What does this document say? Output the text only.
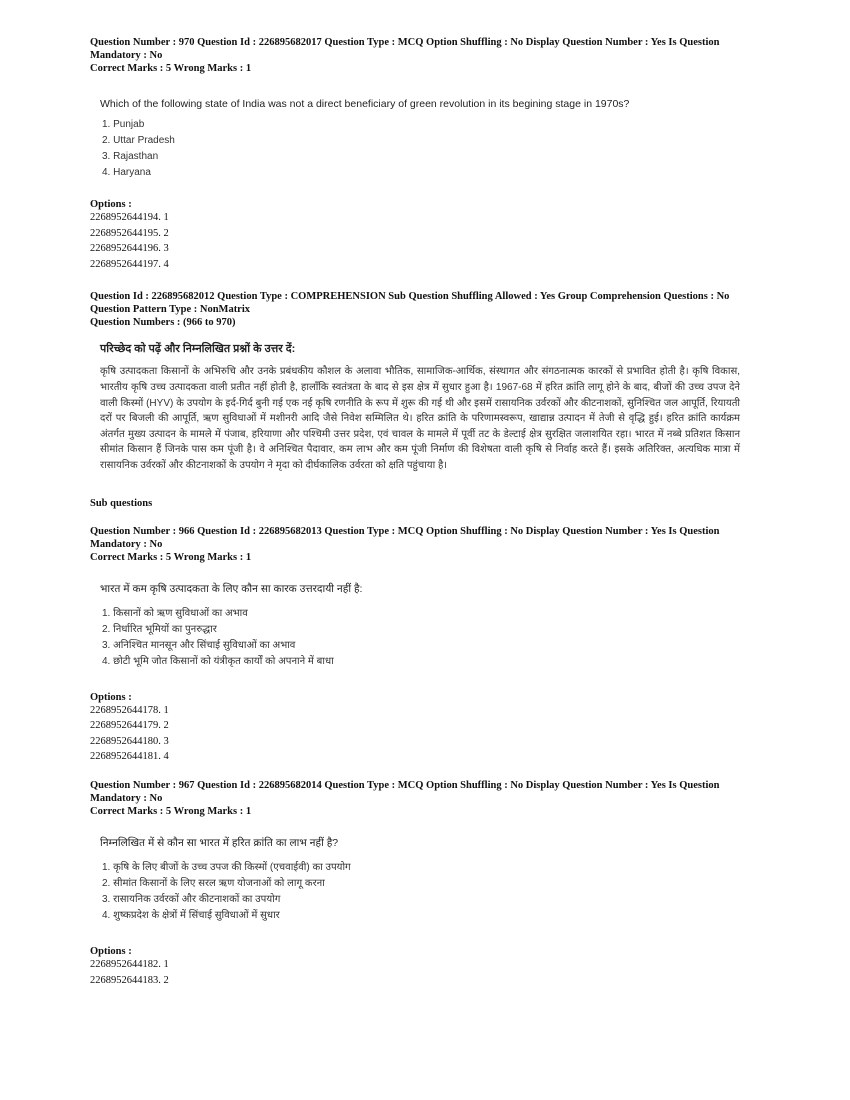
Question Number : 970 Question Id : 226895682017 Question Type : MCQ Option Shuffling : No Display Question Number : Yes Is Question
Mandatory : No
Correct Marks : 5 Wrong Marks : 1
Which of the following state of India was not a direct beneficiary of green revolution in its begining stage in 1970s?
1. Punjab
2. Uttar Pradesh
3. Rajasthan
4. Haryana
Options :
2268952644194. 1
2268952644195. 2
2268952644196. 3
2268952644197. 4
Question Id : 226895682012 Question Type : COMPREHENSION Sub Question Shuffling Allowed : Yes Group Comprehension Questions : No
Question Pattern Type : NonMatrix
Question Numbers : (966 to 970)
परिच्छेद को पढ़ें और निम्नलिखित प्रश्नों के उत्तर दें:
कृषि उत्पादकता किसानों के अभिरुचि और उनके प्रबंधकीय कौशल के अलावा भौतिक, सामाजिक-आर्थिक, संस्थागत और संगठनात्मक कारकों से प्रभावित होती है। कृषि विकास, भारतीय कृषि उच्च उत्पादकता वाली प्रतीत नहीं होती है, हालाँकि स्वतंत्रता के बाद से इस क्षेत्र में सुधार हुआ है। 1967-68 में हरित क्रांति लागू होने के बाद, बीजों की उच्च उपज देने वाली किस्मों (HYV) के उपयोग के इर्द-गिर्द बुनी गई एक नई कृषि रणनीति के रूप में शुरू की गई थी और इसमें रासायनिक उर्वरकों और कीटनाशकों, सुनिश्चित जल आपूर्ति, रियायती दरों पर बिजली की आपूर्ति, ऋण सुविधाओं में मशीनरी आदि जैसे निवेश सम्मिलित थे। हरित क्रांति के परिणामस्वरूप, खाद्यान्न उत्पादन में तेजी से वृद्धि हुई। हरित क्रांति कार्यक्रम अंतर्गत मुख्य उत्पादन के मामले में पंजाब, हरियाणा और पश्चिमी उत्तर प्रदेश, एवं चावल के मामले में पूर्वी तट के डेल्टाई क्षेत्र सुरक्षित जलाशयित रहा। भारत में नब्बे प्रतिशत किसान सीमांत किसान हैं जिनके पास कम पूंजी है। वे अनिश्चित पैदावार, कम लाभ और कम पूंजी निर्माण की विशेषता वाली कृषि से निर्वाह करते हैं। इसके अतिरिक्त, अत्यधिक मात्रा में रासायनिक उर्वरकों और कीटनाशकों के उपयोग ने मृदा को दीर्घकालिक उर्वरता को क्षति पहुंचाया है।
Sub questions
Question Number : 966 Question Id : 226895682013 Question Type : MCQ Option Shuffling : No Display Question Number : Yes Is Question
Mandatory : No
Correct Marks : 5 Wrong Marks : 1
भारत में कम कृषि उत्पादकता के लिए कौन सा कारक उत्तरदायी नहीं है:
1. किसानों को ऋण सुविधाओं का अभाव
2. निर्धारित भूमियों का पुनरुद्धार
3. अनिश्चित मानसून और सिंचाई सुविधाओं का अभाव
4. छोटी भूमि जोत किसानों को यंत्रीकृत कार्यों को अपनाने में बाधा
Options :
2268952644178. 1
2268952644179. 2
2268952644180. 3
2268952644181. 4
Question Number : 967 Question Id : 226895682014 Question Type : MCQ Option Shuffling : No Display Question Number : Yes Is Question
Mandatory : No
Correct Marks : 5 Wrong Marks : 1
निम्नलिखित में से कौन सा भारत में हरित क्रांति का लाभ नहीं है?
1. कृषि के लिए बीजों के उच्च उपज की किस्मों (एचवाईवी) का उपयोग
2. सीमांत किसानों के लिए सरल ऋण योजनाओं को लागू करना
3. रासायनिक उर्वरकों और कीटनाशकों का उपयोग
4. शुष्कप्रदेश के क्षेत्रों में सिंचाई सुविधाओं में सुधार
Options :
2268952644182. 1
2268952644183. 2
